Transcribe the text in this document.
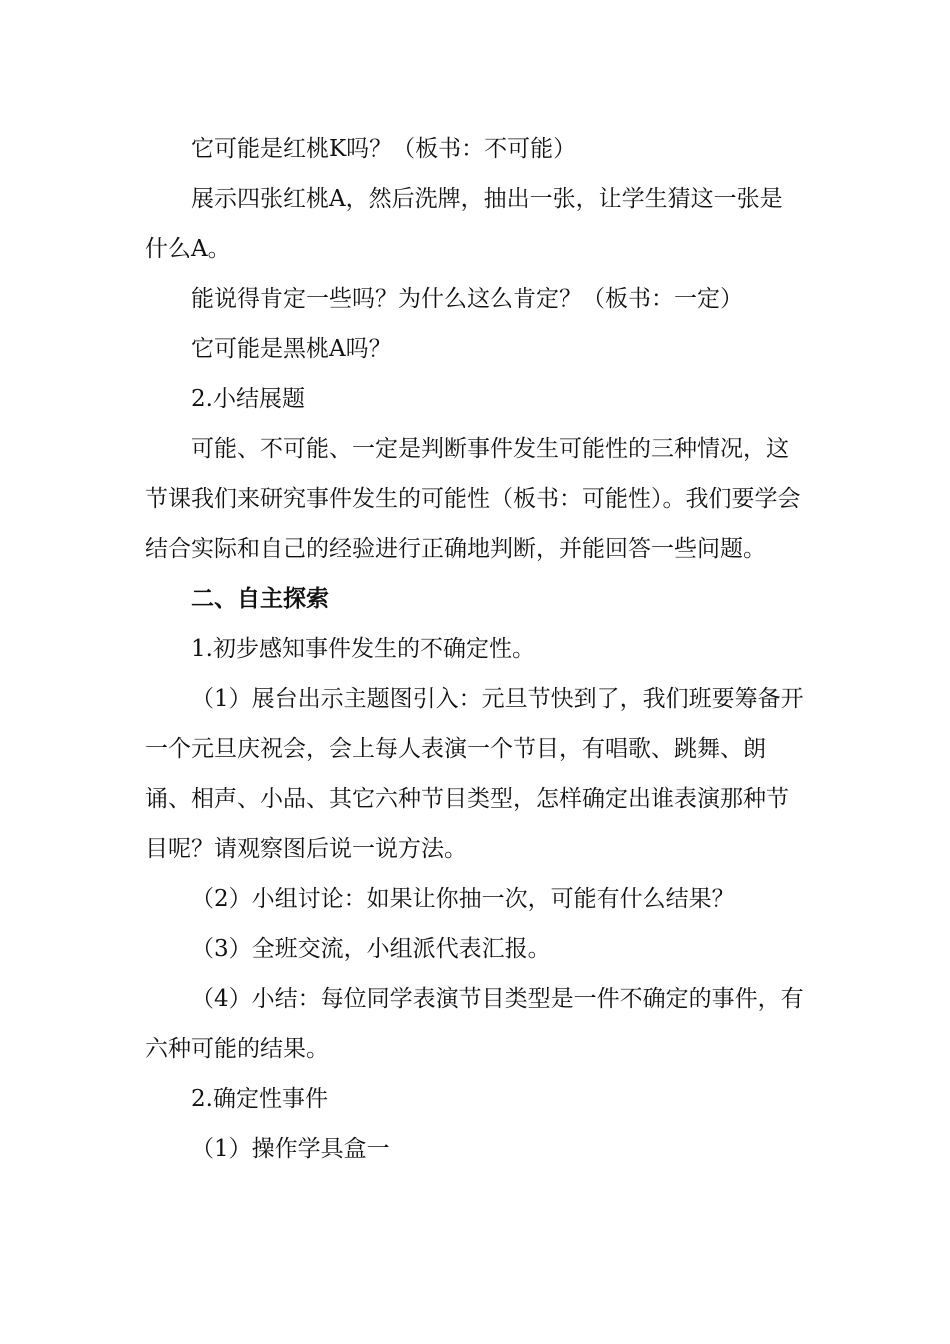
它可能是红桃K吗？（板书：不可能）

展示四张红桃A，然后洗牌，抽出一张，让学生猜这一张是什么A。

能说得肯定一些吗？为什么这么肯定？（板书：一定）

它可能是黑桃A吗？

2.小结展题

可能、不可能、一定是判断事件发生可能性的三种情况，这节课我们来研究事件发生的可能性（板书：可能性）。我们要学会结合实际和自己的经验进行正确地判断，并能回答一些问题。

二、自主探索

1.初步感知事件发生的不确定性。

（1）展台出示主题图引入：元旦节快到了，我们班要筹备开一个元旦庆祝会，会上每人表演一个节目，有唱歌、跳舞、朗诵、相声、小品、其它六种节目类型，怎样确定出谁表演那种节目呢？请观察图后说一说方法。

（2）小组讨论：如果让你抽一次，可能有什么结果？

（3）全班交流，小组派代表汇报。

（4）小结：每位同学表演节目类型是一件不确定的事件，有六种可能的结果。

2.确定性事件

（1）操作学具盒一
